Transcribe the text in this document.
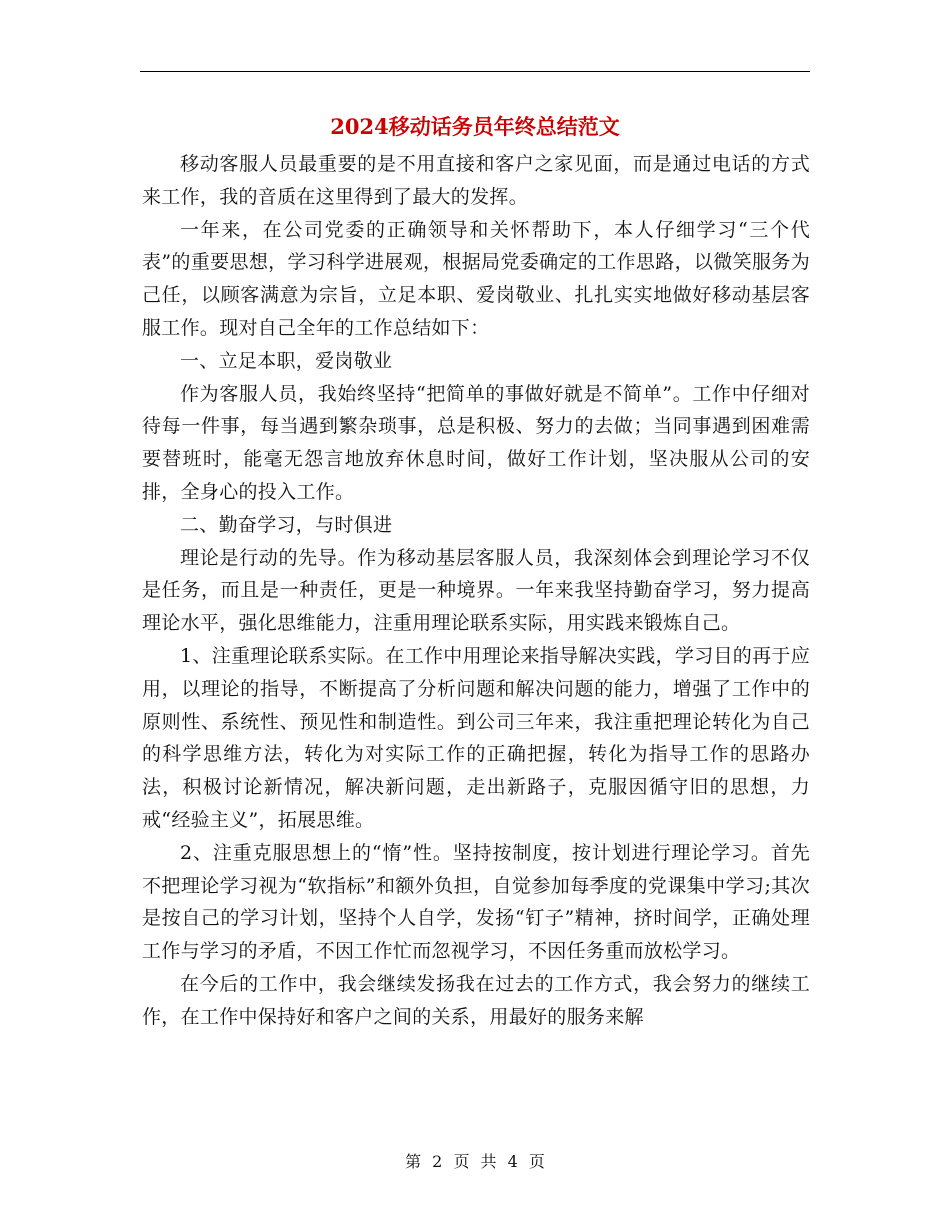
2024移动话务员年终总结范文

移动客服人员最重要的是不用直接和客户之家见面，而是通过电话的方式来工作，我的音质在这里得到了最大的发挥。

一年来，在公司党委的正确领导和关怀帮助下，本人仔细学习“三个代表”的重要思想，学习科学进展观，根据局党委确定的工作思路，以微笑服务为己任，以顾客满意为宗旨，立足本职、爱岗敬业、扎扎实实地做好移动基层客服工作。现对自己全年的工作总结如下：

一、立足本职，爱岗敬业

作为客服人员，我始终坚持“把简单的事做好就是不简单”。工作中仔细对待每一件事，每当遇到繁杂琐事，总是积极、努力的去做；当同事遇到困难需要替班时，能毫无怨言地放弃休息时间，做好工作计划，坚决服从公司的安排，全身心的投入工作。

二、勤奋学习，与时俱进

理论是行动的先导。作为移动基层客服人员，我深刻体会到理论学习不仅是任务，而且是一种责任，更是一种境界。一年来我坚持勤奋学习，努力提高理论水平，强化思维能力，注重用理论联系实际，用实践来锻炼自己。

1、注重理论联系实际。在工作中用理论来指导解决实践，学习目的再于应用，以理论的指导，不断提高了分析问题和解决问题的能力，增强了工作中的原则性、系统性、预见性和制造性。到公司三年来，我注重把理论转化为自己的科学思维方法，转化为对实际工作的正确把握，转化为指导工作的思路办法，积极讨论新情况，解决新问题，走出新路子，克服因循守旧的思想，力戒“经验主义”，拓展思维。

2、注重克服思想上的“惰”性。坚持按制度，按计划进行理论学习。首先不把理论学习视为“软指标”和额外负担，自觉参加每季度的党课集中学习;其次是按自己的学习计划，坚持个人自学，发扬“钉子”精神，挤时间学，正确处理工作与学习的矛盾，不因工作忙而忽视学习，不因任务重而放松学习。

在今后的工作中，我会继续发扬我在过去的工作方式，我会努力的继续工作，在工作中保持好和客户之间的关系，用最好的服务来解

第 2 页 共 4 页
